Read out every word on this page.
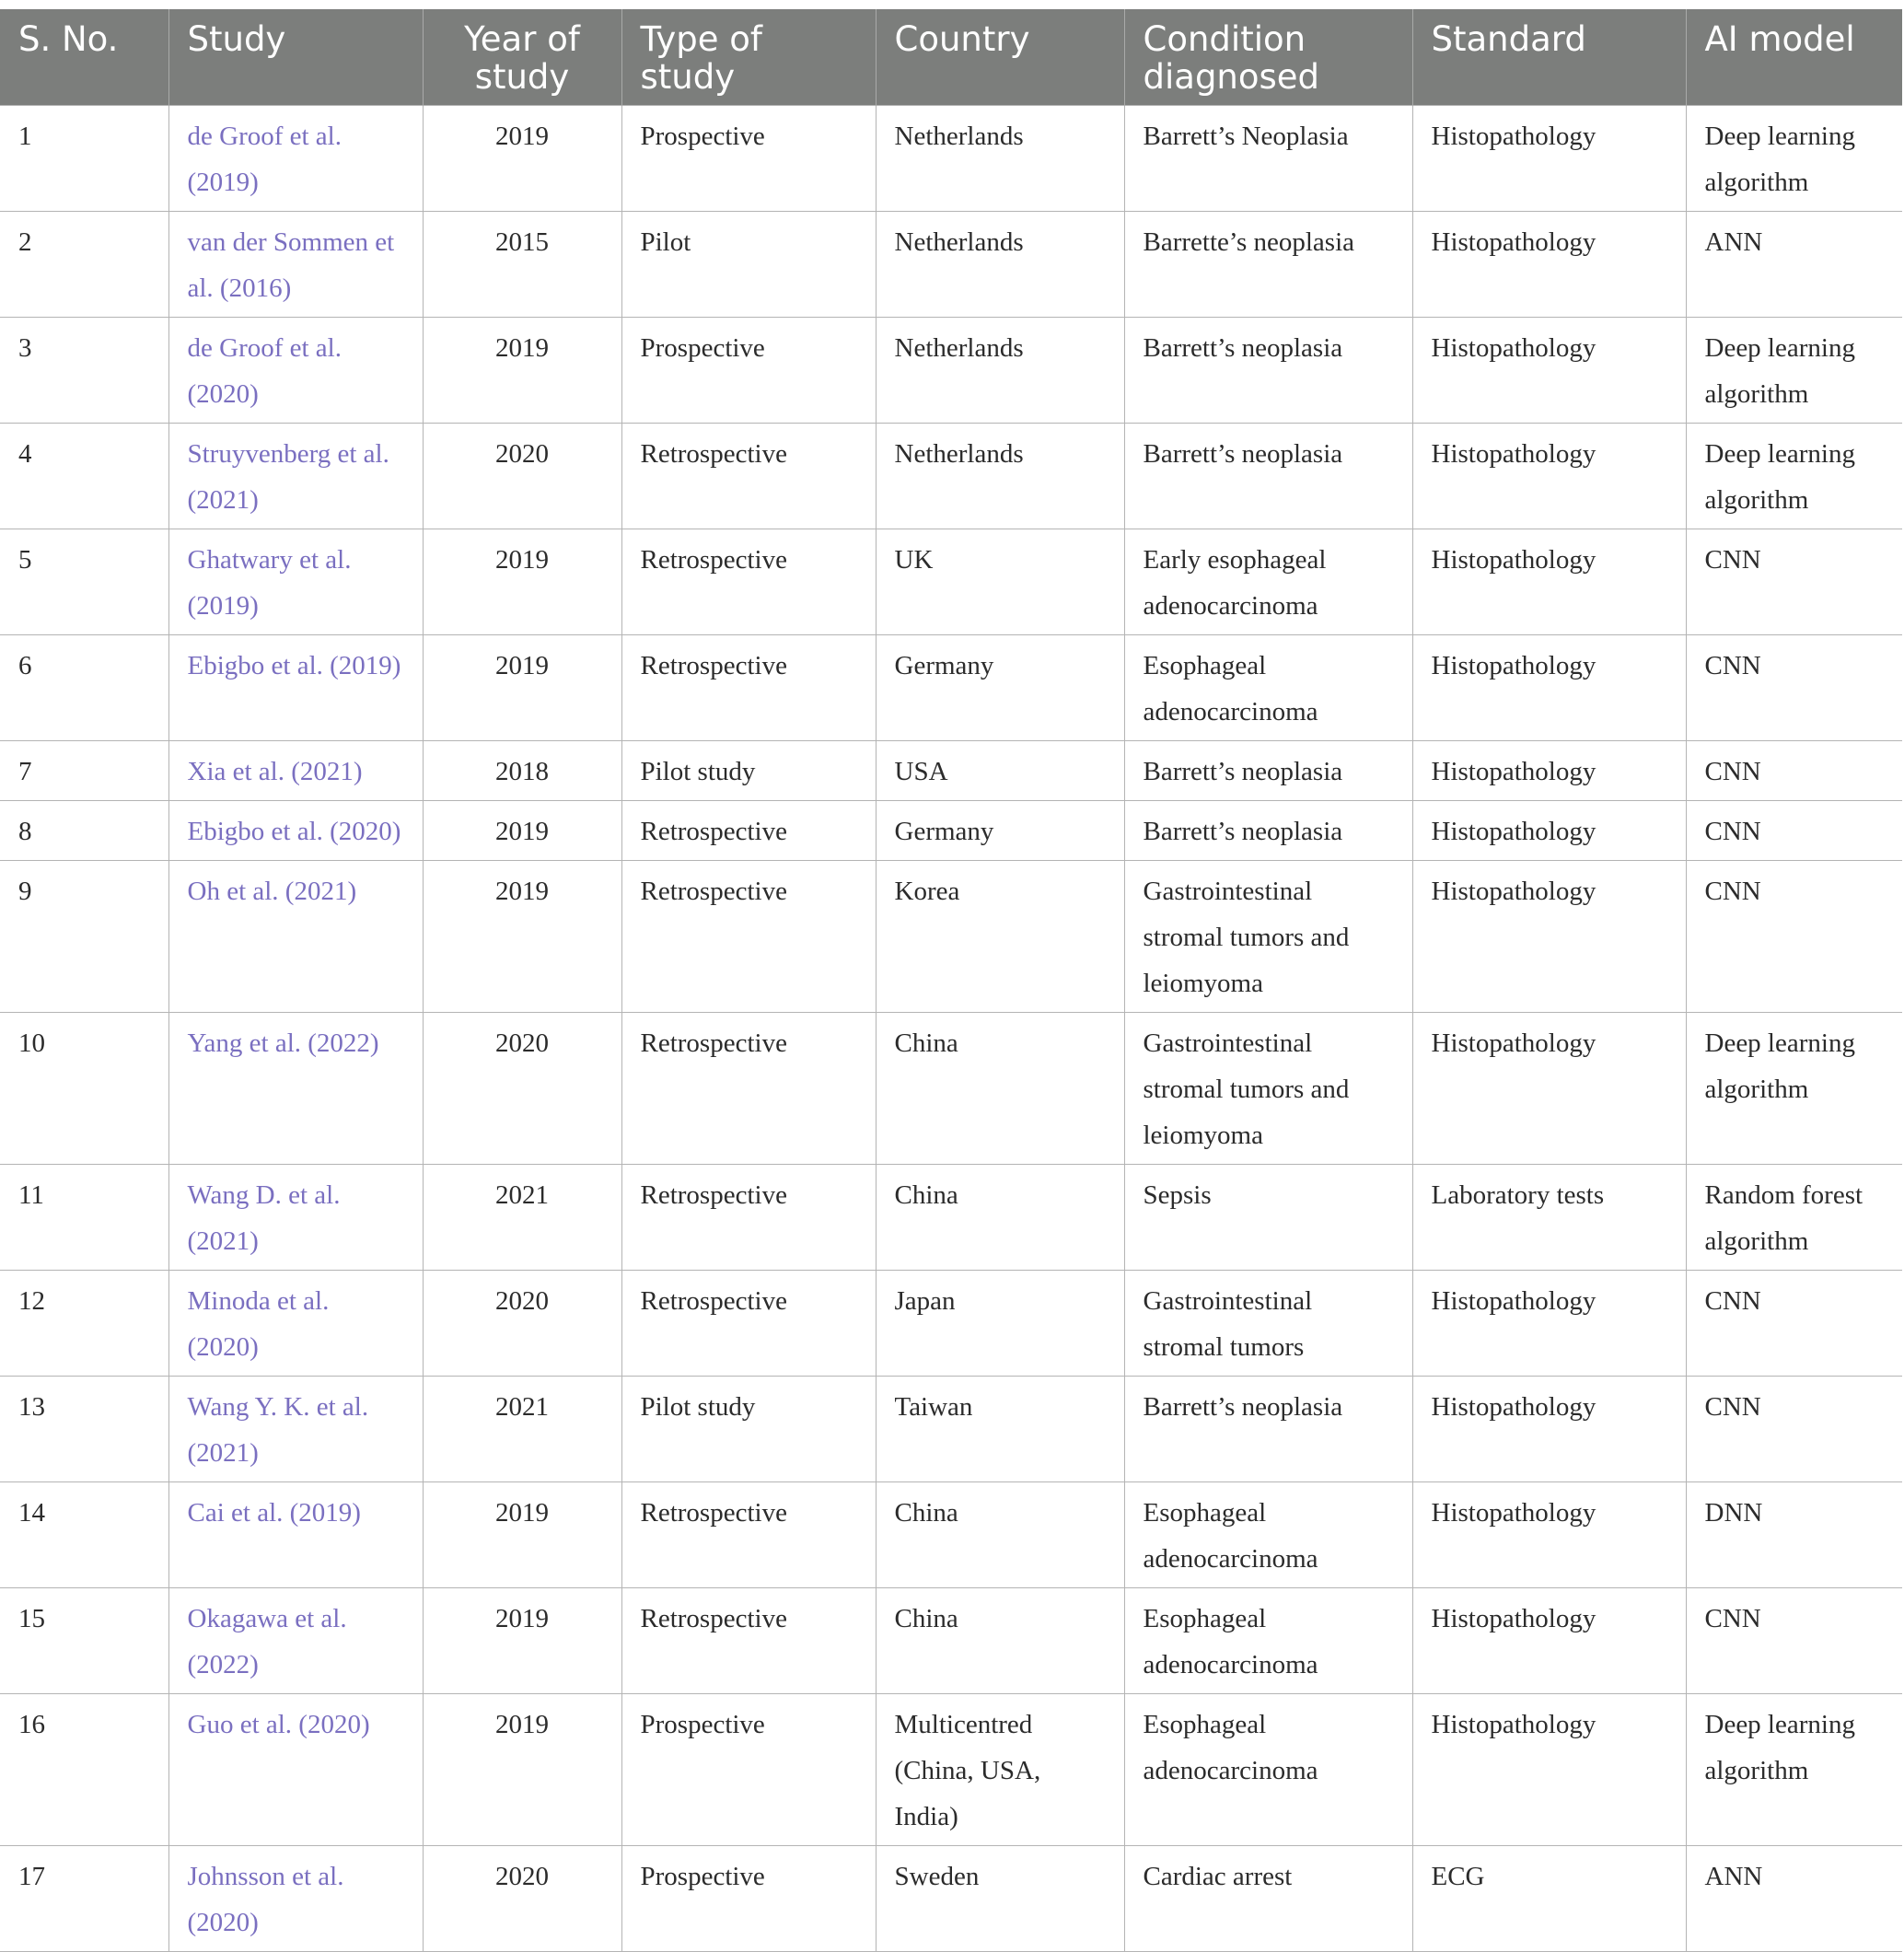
S. No.	Study	Year of study	Type of study	Country	Condition diagnosed	Standard	AI model
1	de Groof et al. (2019)	2019	Prospective	Netherlands	Barrett’s Neoplasia	Histopathology	Deep learning algorithm
2	van der Sommen et al. (2016)	2015	Pilot	Netherlands	Barrette’s neoplasia	Histopathology	ANN
3	de Groof et al. (2020)	2019	Prospective	Netherlands	Barrett’s neoplasia	Histopathology	Deep learning algorithm
4	Struyvenberg et al. (2021)	2020	Retrospective	Netherlands	Barrett’s neoplasia	Histopathology	Deep learning algorithm
5	Ghatwary et al. (2019)	2019	Retrospective	UK	Early esophageal adenocarcinoma	Histopathology	CNN
6	Ebigbo et al. (2019)	2019	Retrospective	Germany	Esophageal adenocarcinoma	Histopathology	CNN
7	Xia et al. (2021)	2018	Pilot study	USA	Barrett’s neoplasia	Histopathology	CNN
8	Ebigbo et al. (2020)	2019	Retrospective	Germany	Barrett’s neoplasia	Histopathology	CNN
9	Oh et al. (2021)	2019	Retrospective	Korea	Gastrointestinal stromal tumors and leiomyoma	Histopathology	CNN
10	Yang et al. (2022)	2020	Retrospective	China	Gastrointestinal stromal tumors and leiomyoma	Histopathology	Deep learning algorithm
11	Wang D. et al. (2021)	2021	Retrospective	China	Sepsis	Laboratory tests	Random forest algorithm
12	Minoda et al. (2020)	2020	Retrospective	Japan	Gastrointestinal stromal tumors	Histopathology	CNN
13	Wang Y. K. et al. (2021)	2021	Pilot study	Taiwan	Barrett’s neoplasia	Histopathology	CNN
14	Cai et al. (2019)	2019	Retrospective	China	Esophageal adenocarcinoma	Histopathology	DNN
15	Okagawa et al. (2022)	2019	Retrospective	China	Esophageal adenocarcinoma	Histopathology	CNN
16	Guo et al. (2020)	2019	Prospective	Multicentred (China, USA, India)	Esophageal adenocarcinoma	Histopathology	Deep learning algorithm
17	Johnsson et al. (2020)	2020	Prospective	Sweden	Cardiac arrest	ECG	ANN
